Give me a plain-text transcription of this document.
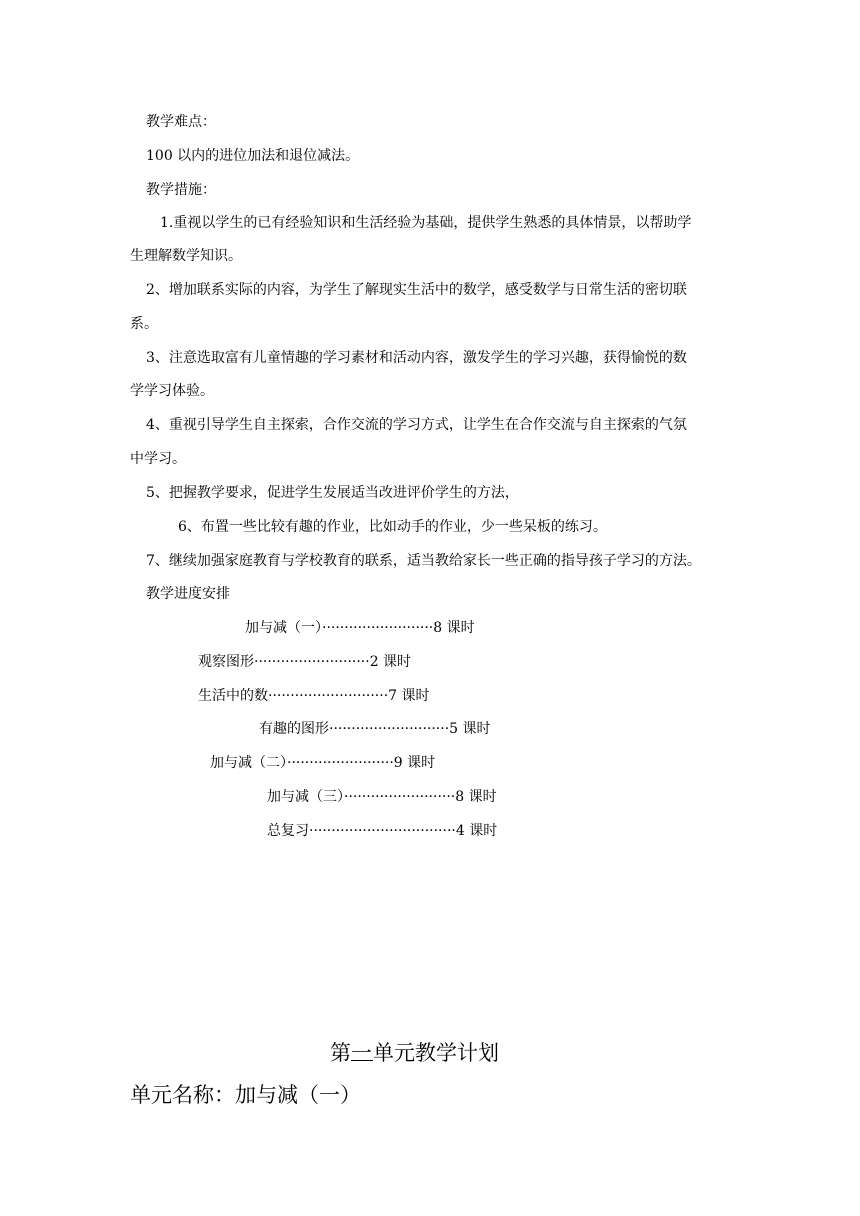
教学难点：
100 以内的进位加法和退位减法。
教学措施：
1.重视以学生的已有经验知识和生活经验为基础，提供学生熟悉的具体情景，以帮助学
生理解数学知识。
2、增加联系实际的内容，为学生了解现实生活中的数学，感受数学与日常生活的密切联
系。
3、注意选取富有儿童情趣的学习素材和活动内容，激发学生的学习兴趣，获得愉悦的数
学学习体验。
4、重视引导学生自主探索，合作交流的学习方式，让学生在合作交流与自主探索的气氛
中学习。
5、把握教学要求，促进学生发展适当改进评价学生的方法，
6、布置一些比较有趣的作业，比如动手的作业，少一些呆板的练习。
7、继续加强家庭教育与学校教育的联系，适当教给家长一些正确的指导孩子学习的方法。
教学进度安排
加与减（一）·························8 课时
观察图形··························2 课时
生活中的数···························7 课时
有趣的图形···························5 课时
加与减（二）························9 课时
加与减（三）·························8 课时
总复习·································4 课时
第一单元教学计划
单元名称：加与减（一）
